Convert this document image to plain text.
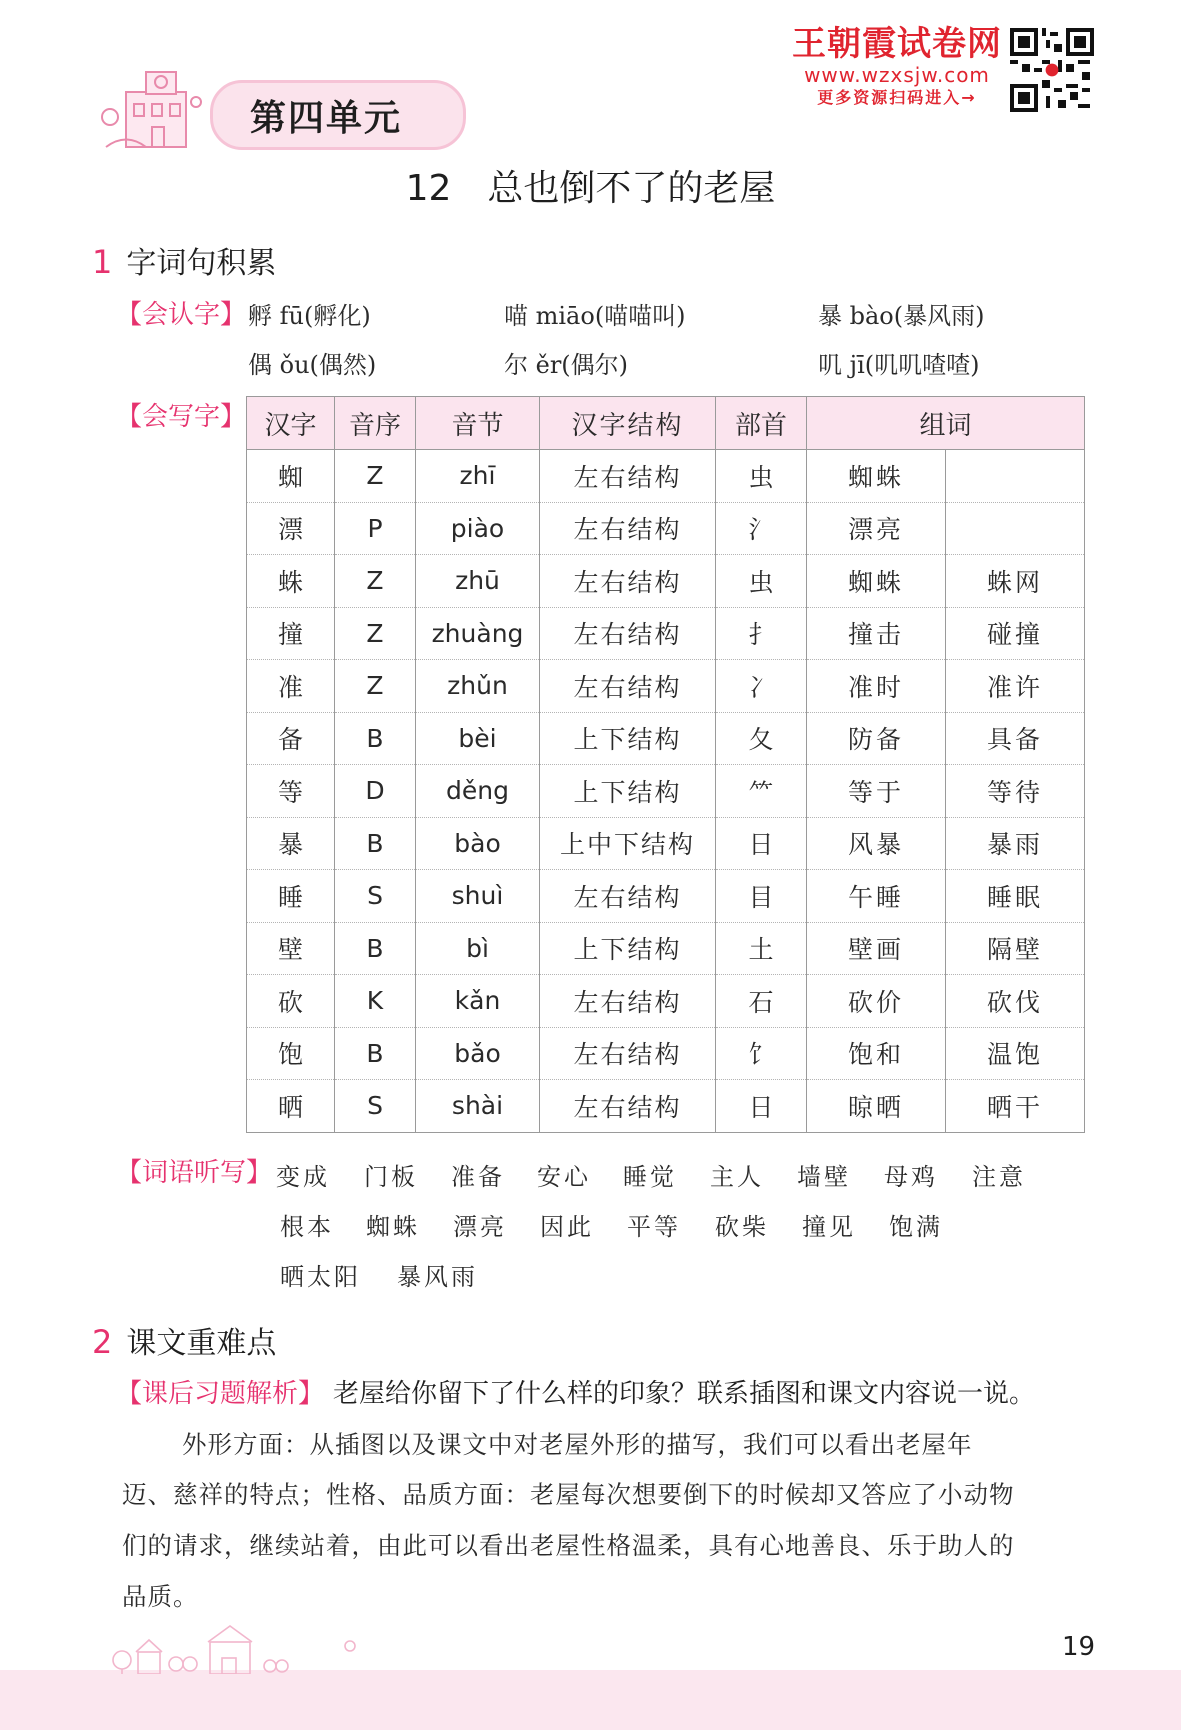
第四单元
王朝霞试卷网
www.wzxsjw.com
更多资源扫码进入→
12　总也倒不了的老屋
1 字词句积累
【会认字】 孵 fū(孵化)	喵 miāo(喵喵叫)	暴 bào(暴风雨)
偶 ǒu(偶然)	尔 ěr(偶尔)	叽 jī(叽叽喳喳)
【会写字】 汉字	音序	音节	汉字结构	部首	组词	
蜘	Z	zhī	左右结构	虫	蜘蛛	
漂	P	piào	左右结构	氵	漂亮	
蛛	Z	zhū	左右结构	虫	蜘蛛	蛛网
撞	Z	zhuàng	左右结构	扌	撞击	碰撞
准	Z	zhǔn	左右结构	冫	准时	准许
备	B	bèi	上下结构	夂	防备	具备
等	D	děng	上下结构	⺮	等于	等待
暴	B	bào	上中下结构	日	风暴	暴雨
睡	S	shuì	左右结构	目	午睡	睡眠
壁	B	bì	上下结构	土	壁画	隔壁
砍	K	kǎn	左右结构	石	砍价	砍伐
饱	B	bǎo	左右结构	饣	饱和	温饱
晒	S	shài	左右结构	日	晾晒	晒干
【词语听写】 变成 门板 准备 安心 睡觉 主人 墙壁 母鸡 注意
根本 蜘蛛 漂亮 因此 平等 砍柴 撞见 饱满
晒太阳 暴风雨
2 课文重难点
【课后习题解析】 老屋给你留下了什么样的印象？联系插图和课文内容说一说。
外形方面：从插图以及课文中对老屋外形的描写，我们可以看出老屋年
迈、慈祥的特点；性格、品质方面：老屋每次想要倒下的时候却又答应了小动物
们的请求，继续站着，由此可以看出老屋性格温柔，具有心地善良、乐于助人的
品质。
19
